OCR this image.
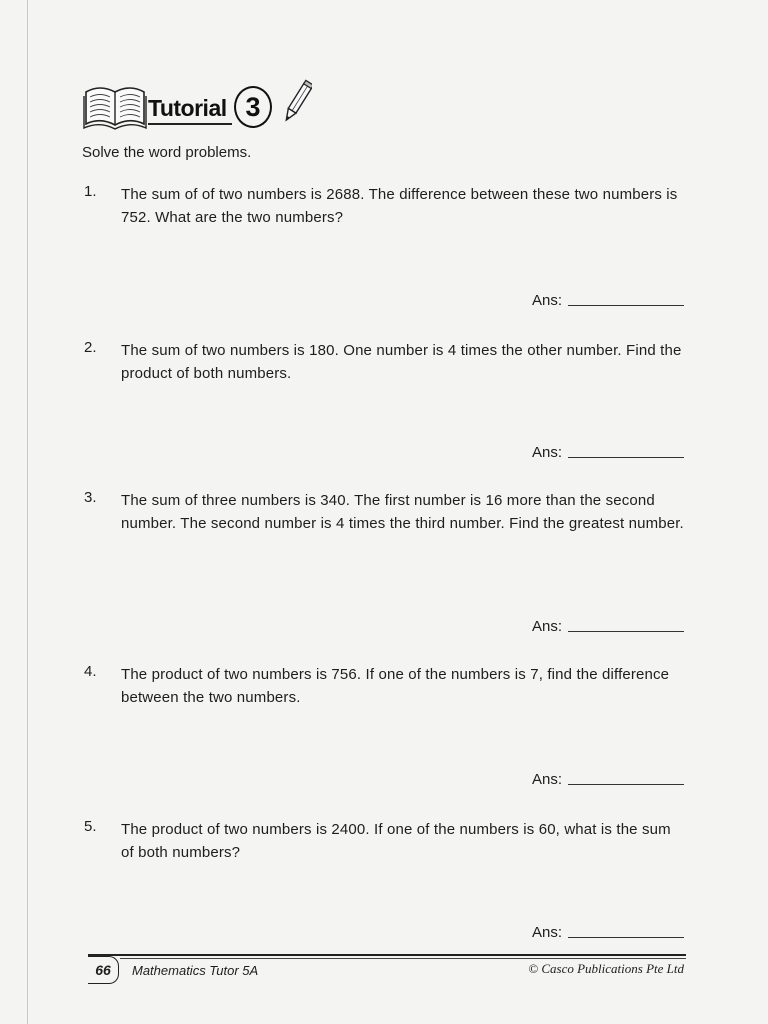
Tutorial 3
Solve the word problems.
1. The sum of of two numbers is 2688. The difference between these two numbers is 752. What are the two numbers?
Ans:
2. The sum of two numbers is 180. One number is 4 times the other number. Find the product of both numbers.
Ans:
3. The sum of three numbers is 340. The first number is 16 more than the second number. The second number is 4 times the third number. Find the greatest number.
Ans:
4. The product of two numbers is 756. If one of the numbers is 7, find the difference between the two numbers.
Ans:
5. The product of two numbers is 2400. If one of the numbers is 60, what is the sum of both numbers?
Ans:
66	Mathematics Tutor 5A	© Casco Publications Pte Ltd
